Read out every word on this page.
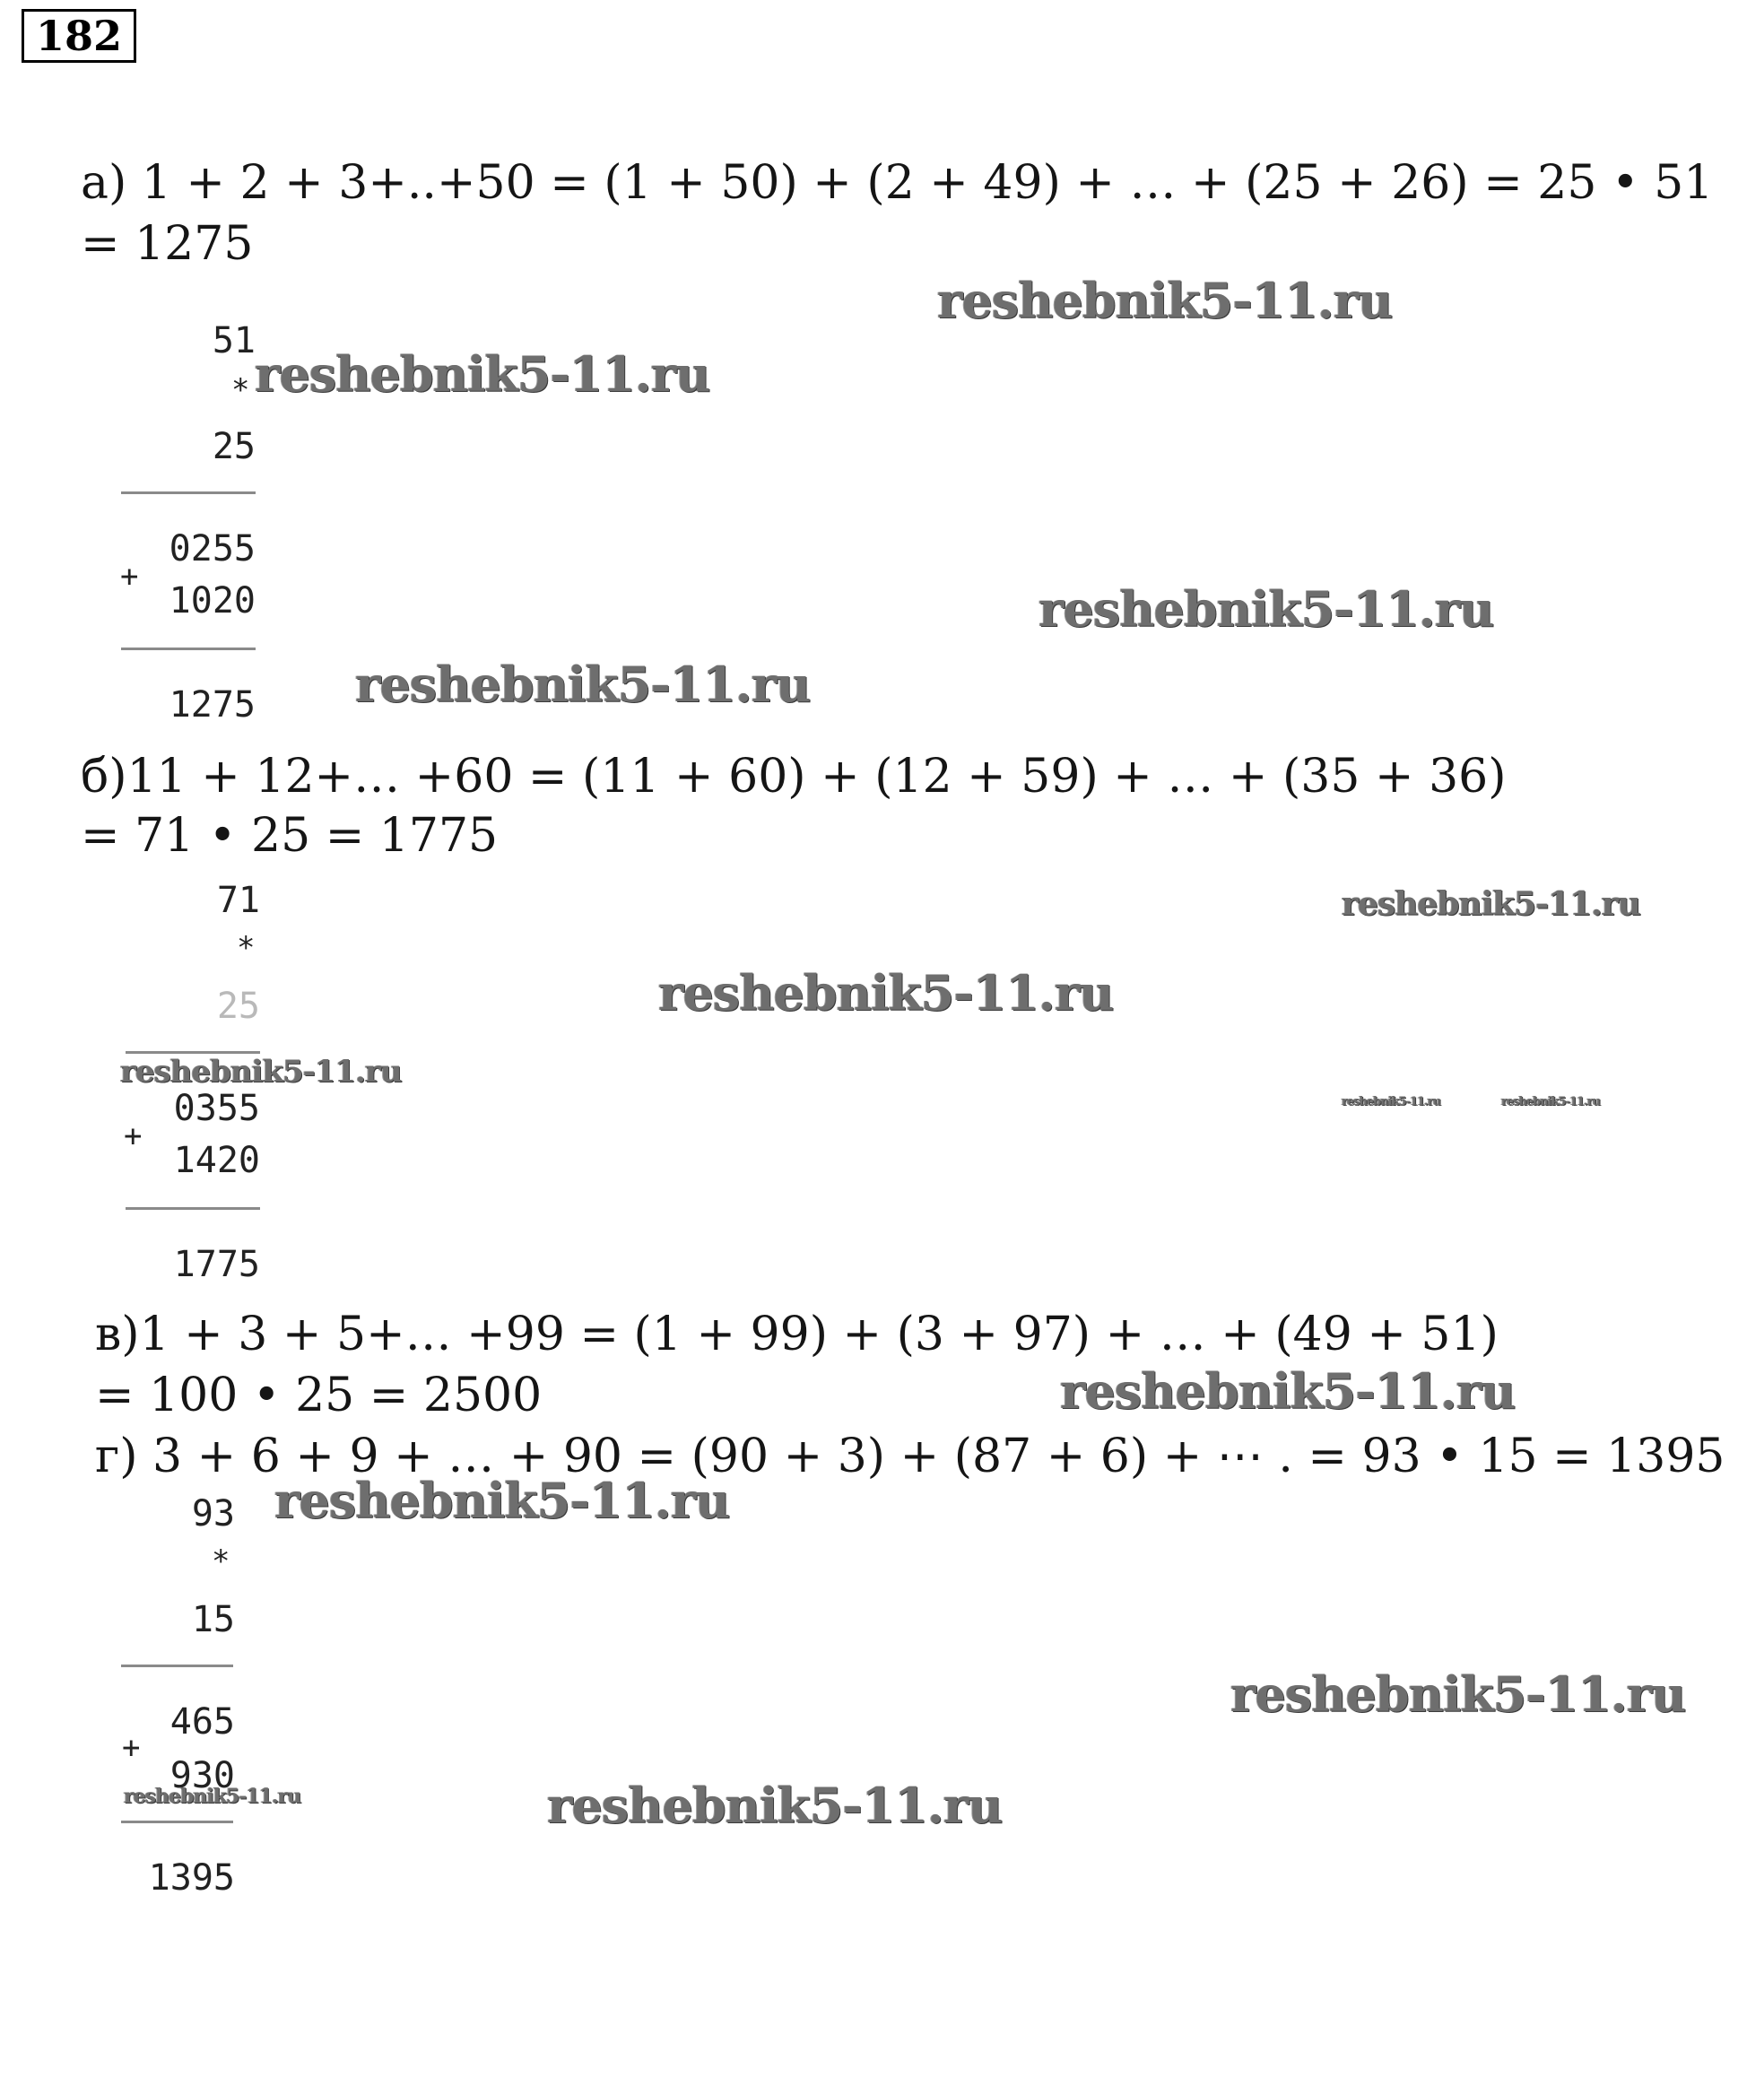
182
а) 1 + 2 + 3+..+50 = (1 + 50) + (2 + 49) + … + (25 + 26) = 25 • 51
= 1275
51
*
25
0255
+
1020
1275
б)11 + 12+… +60 = (11 + 60) + (12 + 59) + … + (35 + 36)
= 71 • 25 = 1775
71
*
25
0355
+
1420
1775
в)1 + 3 + 5+… +99 = (1 + 99) + (3 + 97) + … + (49 + 51)
= 100 • 25 = 2500
г) 3 + 6 + 9 + … + 90 = (90 + 3) + (87 + 6) + ⋯ . = 93 • 15 = 1395
93
*
15
465
+
930
1395
reshebnik5-11.ru
reshebnik5-11.ru
reshebnik5-11.ru
reshebnik5-11.ru
reshebnik5-11.ru
reshebnik5-11.ru
reshebnik5-11.ru
reshebnik5-11.ru	reshebnik5-11.ru
reshebnik5-11.ru
reshebnik5-11.ru
reshebnik5-11.ru
reshebnik5-11.ru	reshebnik5-11.ru
